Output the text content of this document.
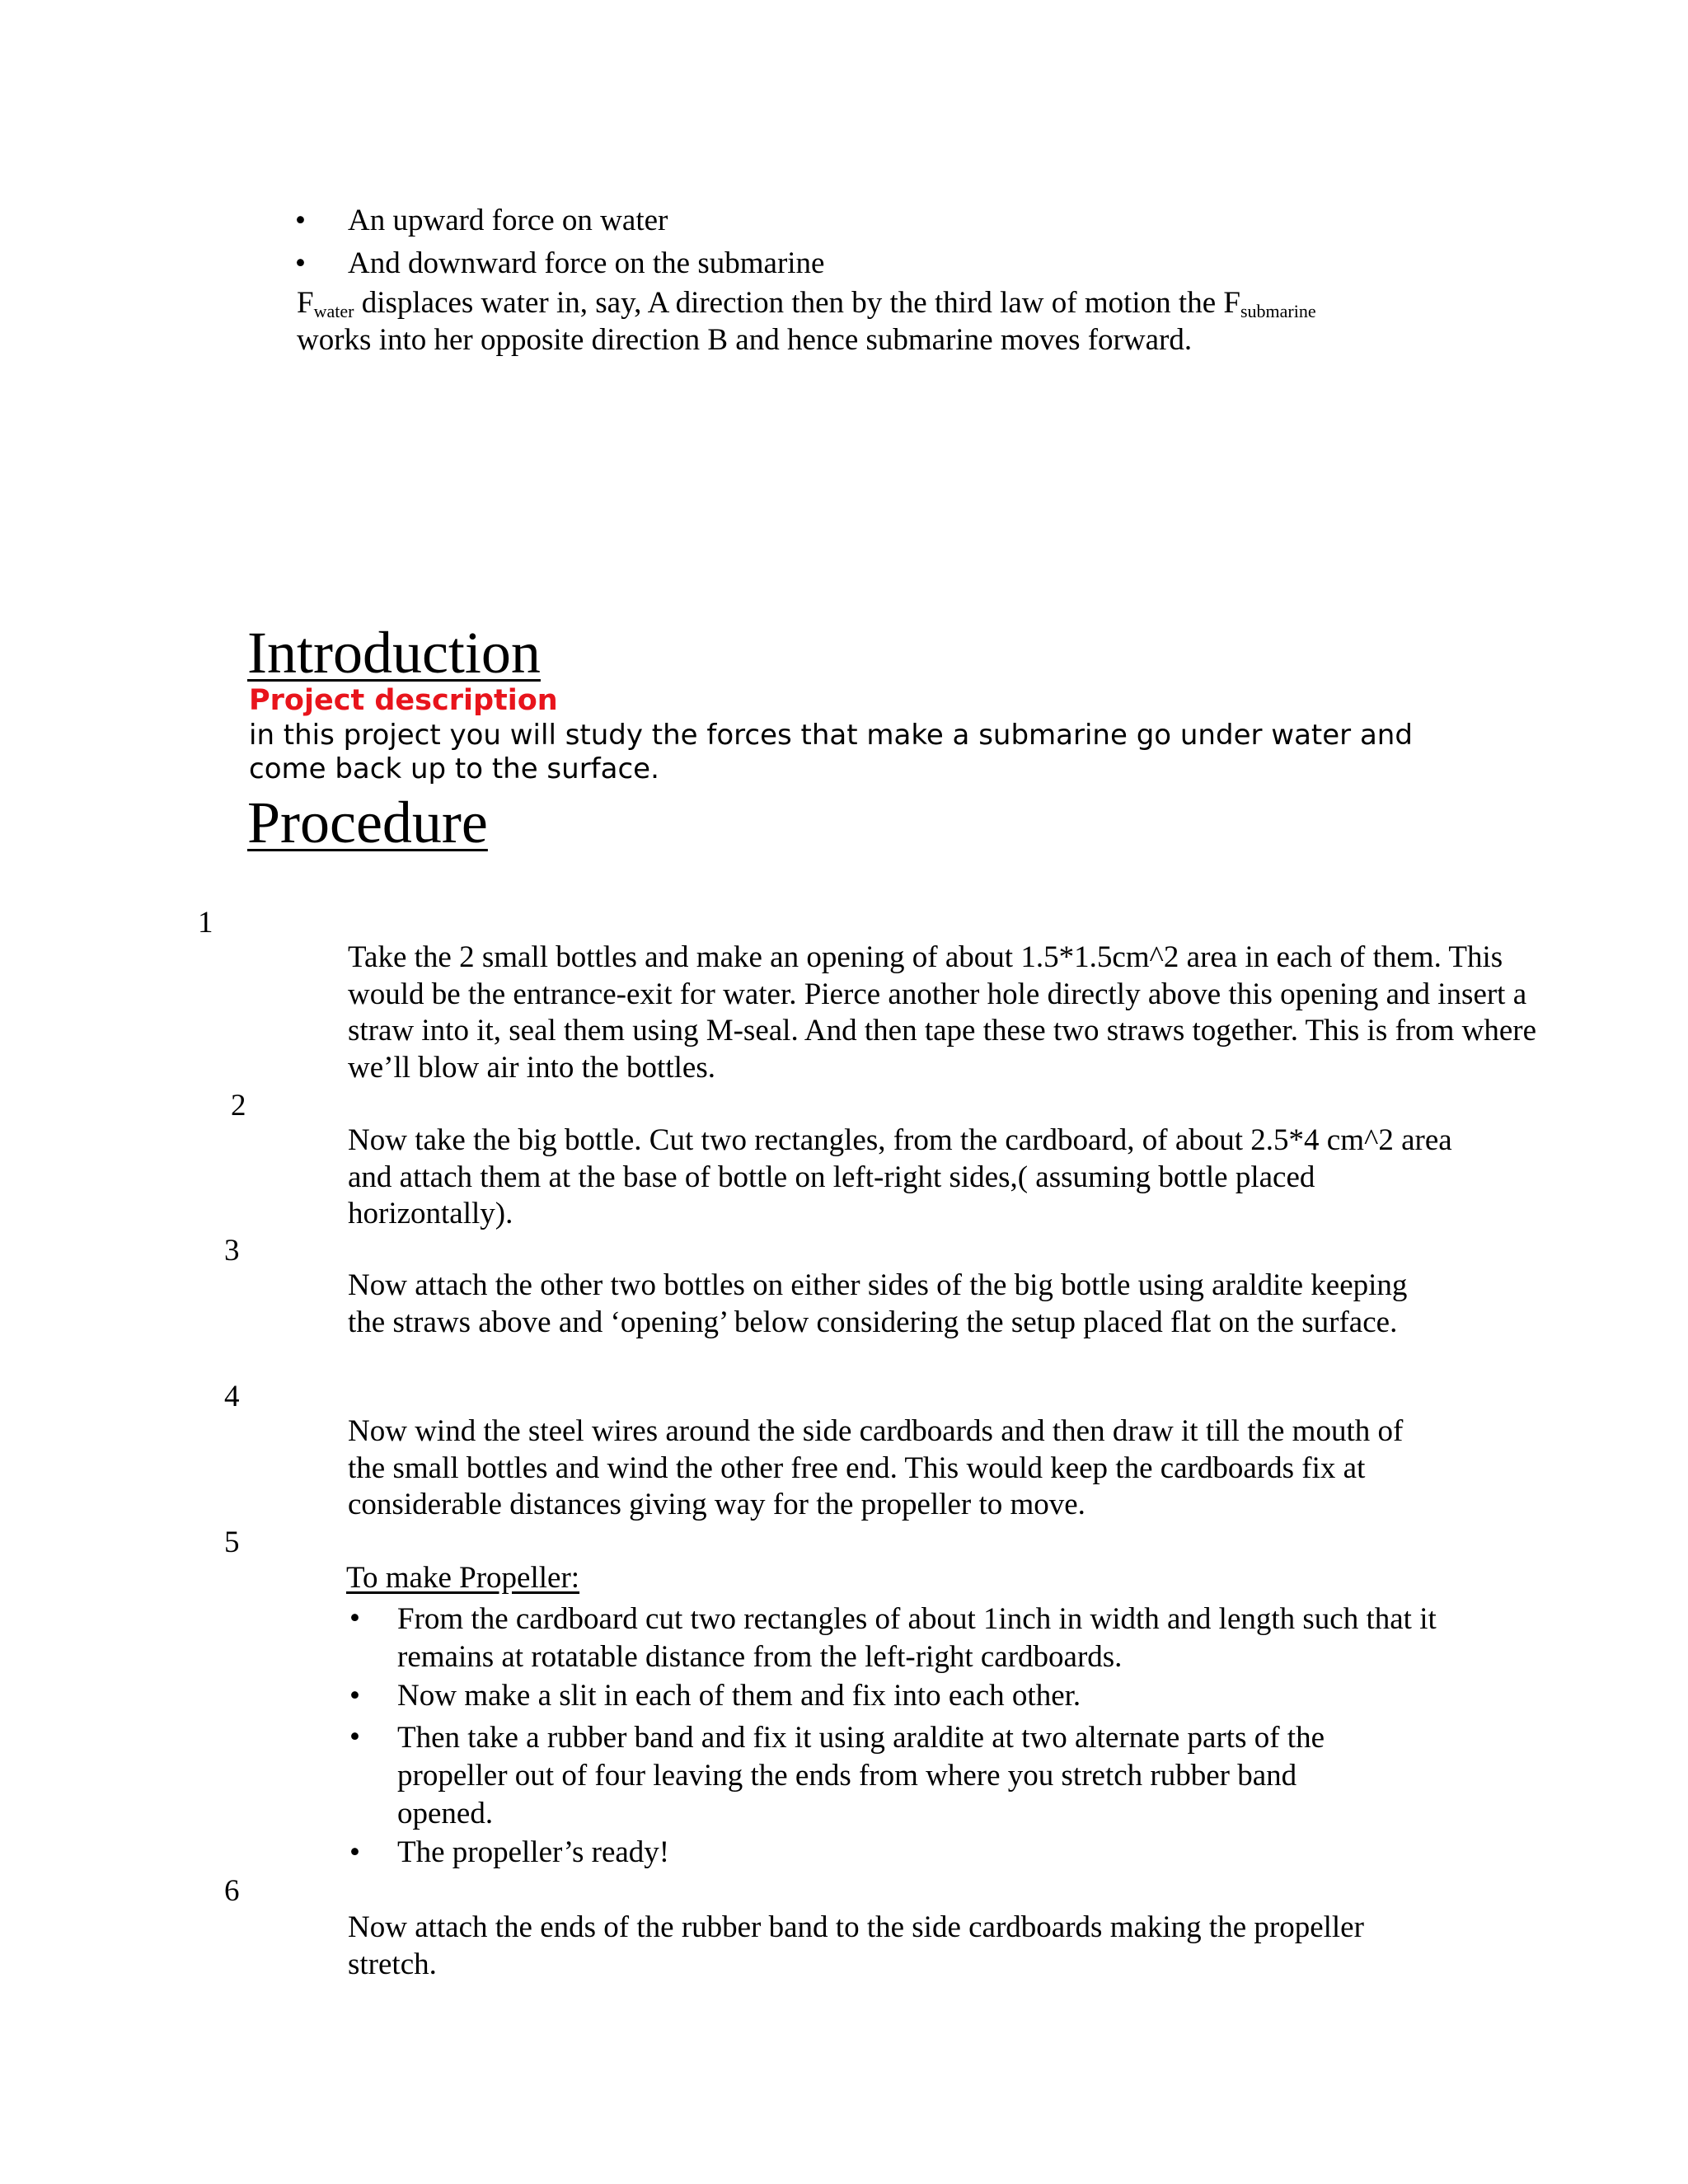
• An upward force on water

• And downward force on the submarine

$F_{water}$ displaces water in, say, A direction then by the third law of motion the $F_{submarine}$
works into her opposite direction B and hence submarine moves forward.
Introduction
Project description

in this project you will study the forces that make a submarine go under water and come back up to the surface.

Procedure
1

Take the 2 small bottles and make an opening of about 1.5*1.5cm^2 area in each of them. This would be the entrance-exit for water. Pierce another hole directly above this opening and insert a straw into it, seal them using M-seal. And then tape these two straws together. This is from where we’ll blow air into the bottles.

2

Now take the big bottle. Cut two rectangles, from the cardboard, of about 2.5*4 cm^2 area and attach them at the base of bottle on left-right sides,( assuming bottle placed horizontally).

3

Now attach the other two bottles on either sides of the big bottle using araldite keeping the straws above and ‘opening’ below considering the setup placed flat on the surface.

4

Now wind the steel wires around the side cardboards and then draw it till the mouth of the small bottles and wind the other free end. This would keep the cardboards fix at considerable distances giving way for the propeller to move.

5

To make Propeller:

• From the cardboard cut two rectangles of about 1inch in width and length such that it remains at rotatable distance from the left-right cardboards.

• Now make a slit in each of them and fix into each other.

• Then take a rubber band and fix it using araldite at two alternate parts of the propeller out of four leaving the ends from where you stretch rubber band opened.

• The propeller’s ready!

6

Now attach the ends of the rubber band to the side cardboards making the propeller stretch.
